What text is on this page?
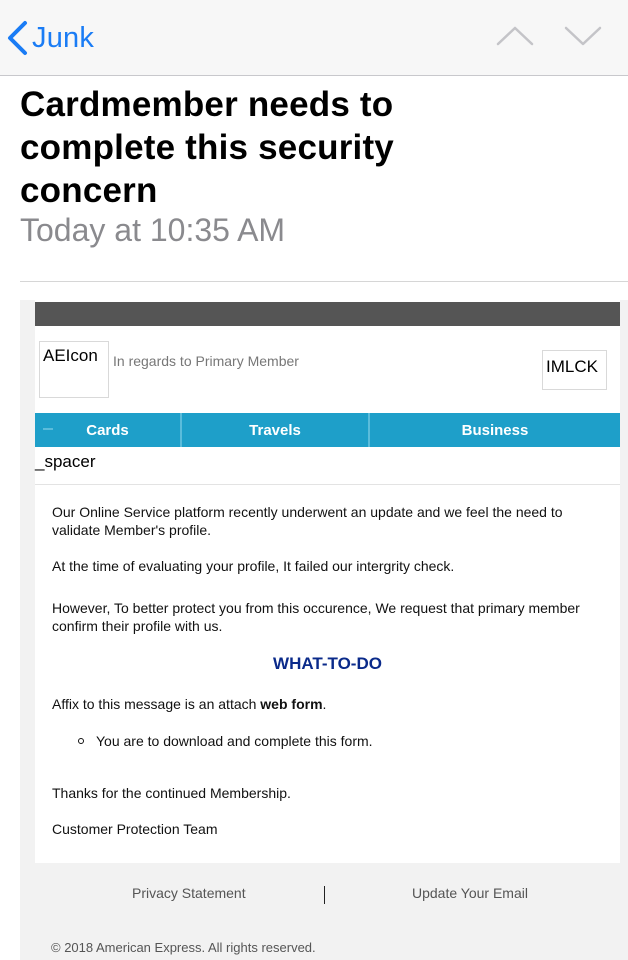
Junk
Cardmember needs to complete this security concern
Today at 10:35 AM
AEIcon	In regards to Primary Member	IMLCK
Cards	Travels	Business
_spacer
Our Online Service platform recently underwent an update and we feel the need to validate Member's profile.
At the time of evaluating your profile, It failed our intergrity check.
However, To better protect you from this occurence, We request that primary member confirm their profile with us.
WHAT-TO-DO
Affix to this message is an attach web form.
You are to download and complete this form.
Thanks for the continued Membership.
Customer Protection Team
Privacy Statement	Update Your Email
© 2018 American Express. All rights reserved.
